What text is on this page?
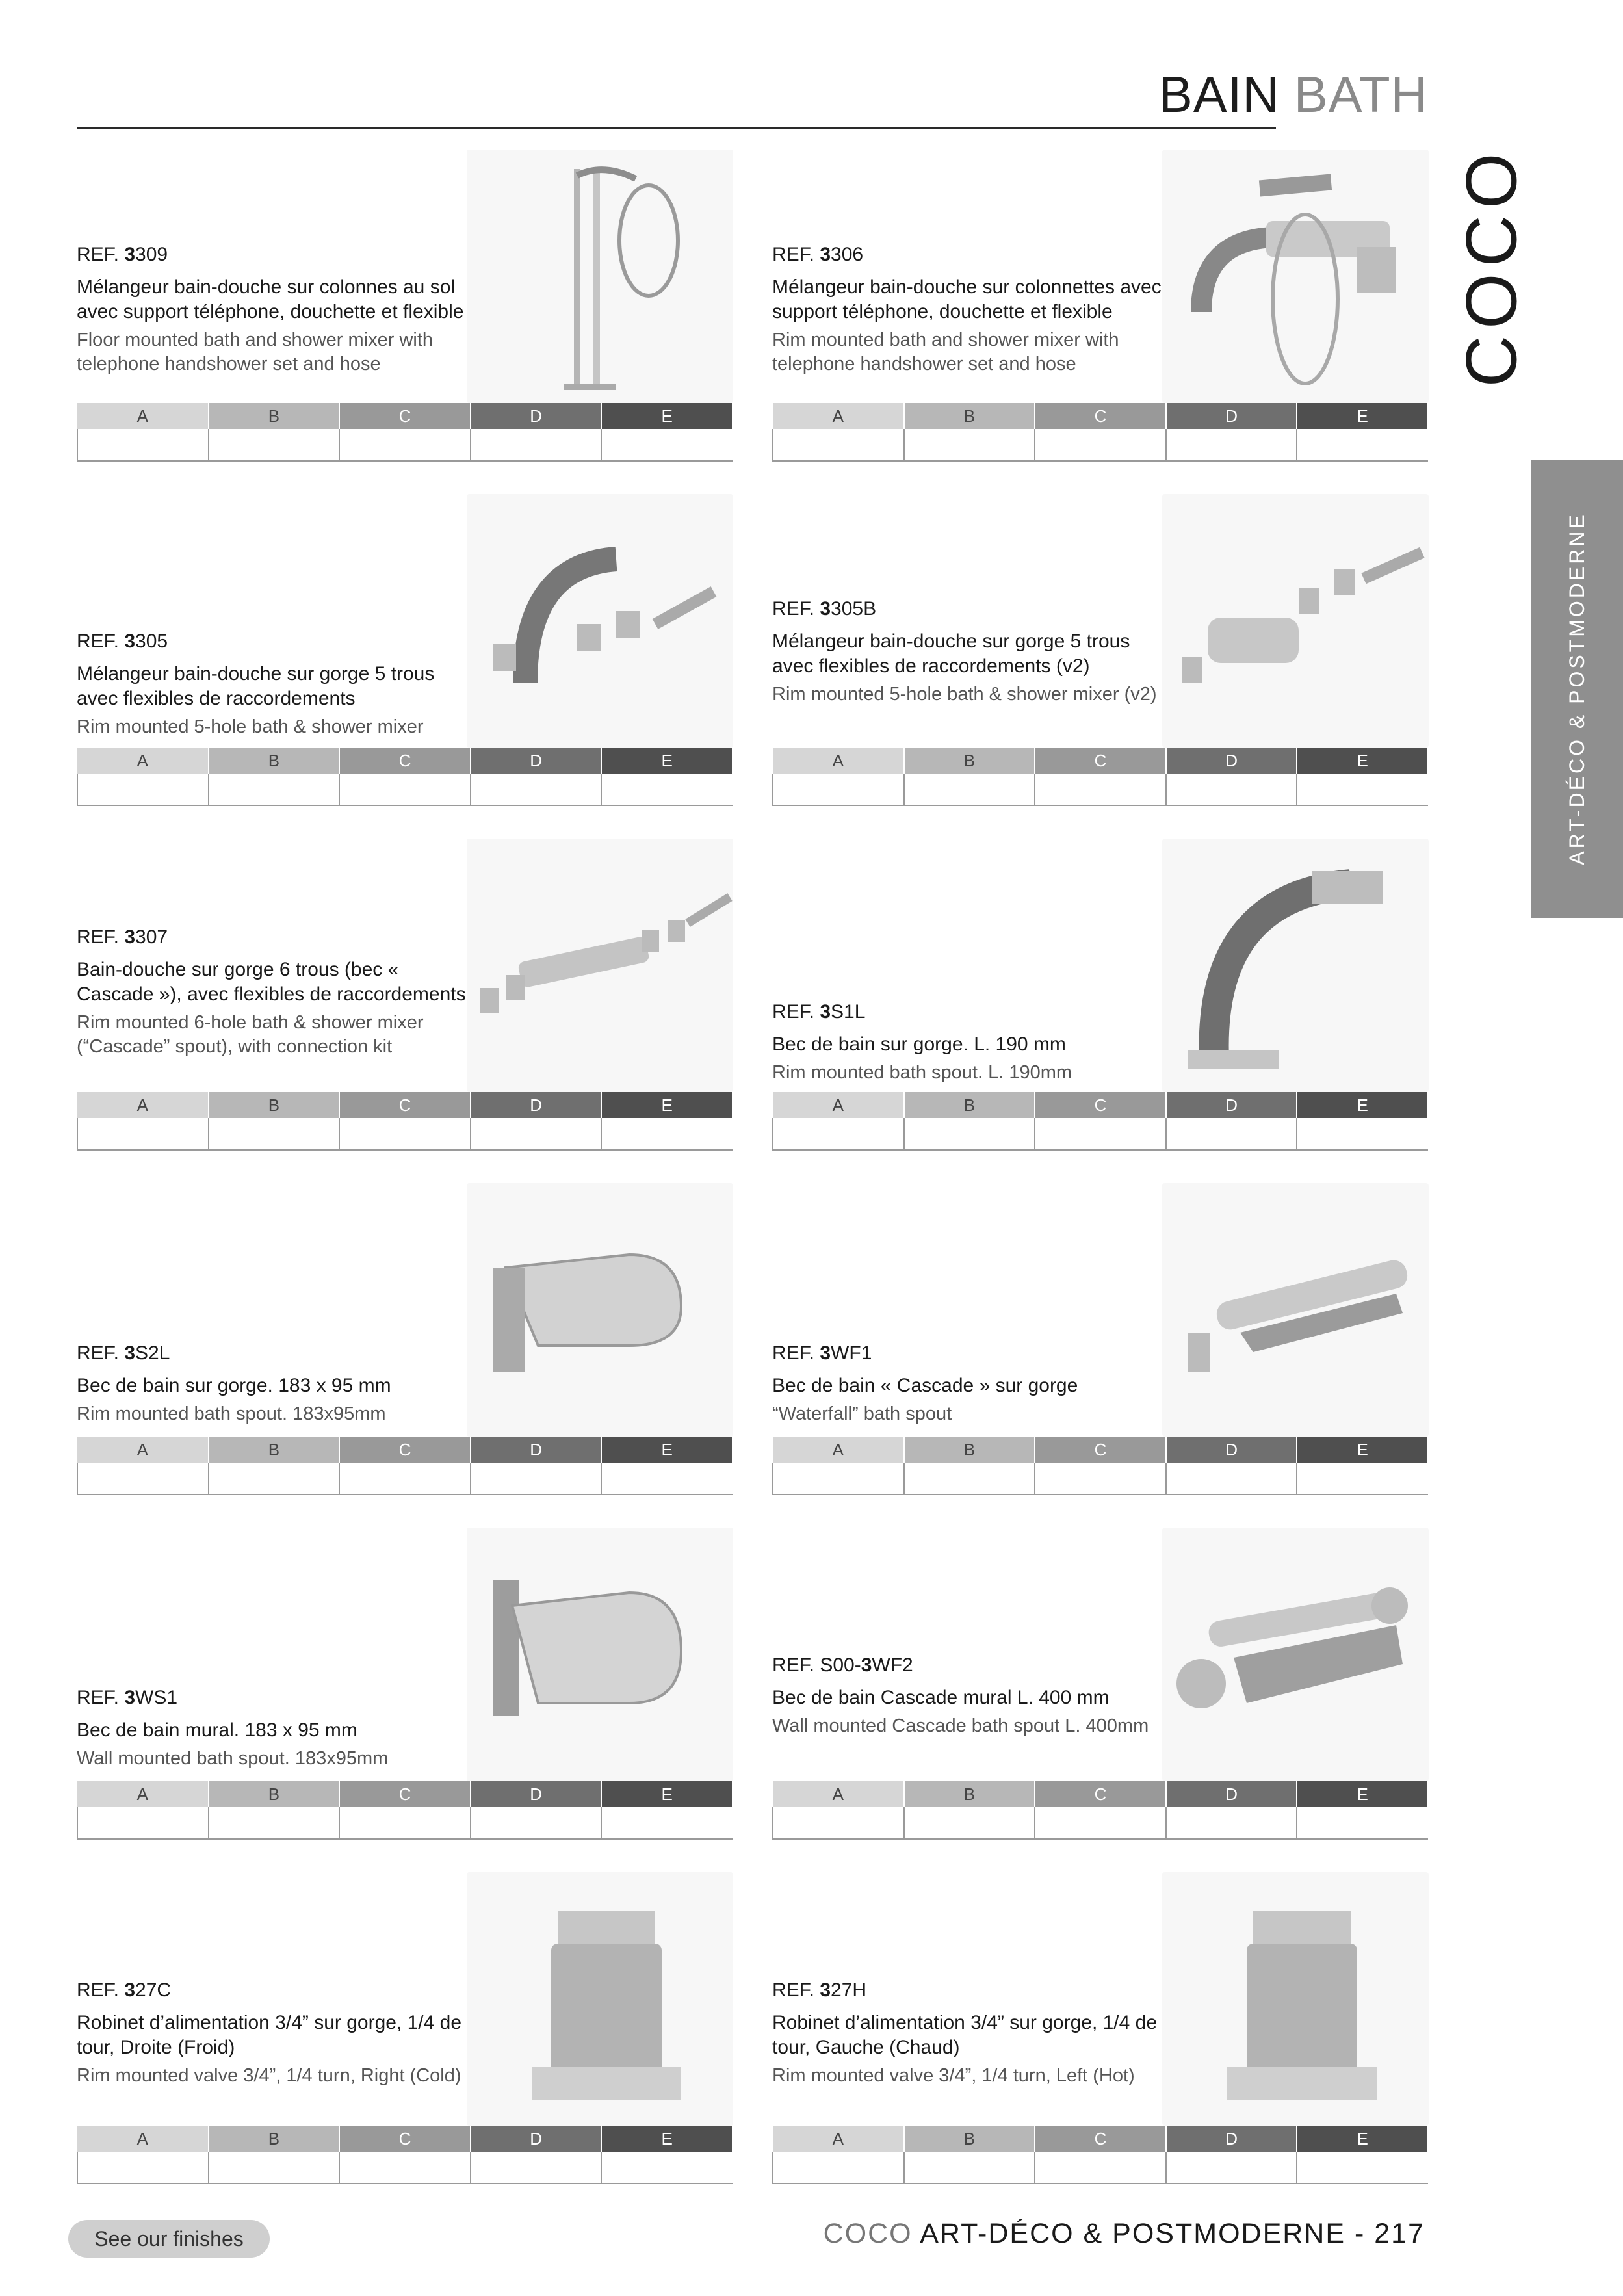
BAIN BATH
COCO
ART-DÉCO & POSTMODERNE

REF. 3309

Mélangeur bain-douche sur colonnes au sol avec support téléphone, douchette et flexible

Floor mounted bath and shower mixer with telephone handshower set and hose

A	B	C	D	E

REF. 3306

Mélangeur bain-douche sur colonnettes avec support téléphone, douchette et flexible

Rim mounted bath and shower mixer with telephone handshower set and hose

A	B	C	D	E

REF. 3305

Mélangeur bain-douche sur gorge 5 trous avec flexibles de raccordements

Rim mounted 5-hole bath & shower mixer

A	B	C	D	E

REF. 3305B

Mélangeur bain-douche sur gorge 5 trous avec flexibles de raccordements (v2)

Rim mounted 5-hole bath & shower mixer (v2)

A	B	C	D	E

REF. 3307

Bain-douche sur gorge 6 trous (bec « Cascade »), avec flexibles de raccordements

Rim mounted 6-hole bath & shower mixer (“Cascade” spout), with connection kit

A	B	C	D	E

REF. 3S1L

Bec de bain sur gorge. L. 190 mm

Rim mounted bath spout. L. 190mm

A	B	C	D	E

REF. 3S2L

Bec de bain sur gorge. 183 x 95 mm

Rim mounted bath spout. 183x95mm

A	B	C	D	E

REF. 3WF1

Bec de bain « Cascade » sur gorge

“Waterfall” bath spout

A	B	C	D	E

REF. 3WS1

Bec de bain mural. 183 x 95 mm

Wall mounted bath spout. 183x95mm

A	B	C	D	E

REF. S00-3WF2

Bec de bain Cascade mural L. 400 mm

Wall mounted Cascade bath spout L. 400mm

A	B	C	D	E

REF. 327C

Robinet d’alimentation 3/4” sur gorge, 1/4 de tour, Droite (Froid)

Rim mounted valve 3/4”, 1/4 turn, Right (Cold)

A	B	C	D	E

REF. 327H

Robinet d’alimentation 3/4” sur gorge, 1/4 de tour, Gauche (Chaud)

Rim mounted valve 3/4”, 1/4 turn, Left (Hot)

A	B	C	D	E

See our finishes	COCO ART-DÉCO & POSTMODERNE - 217
